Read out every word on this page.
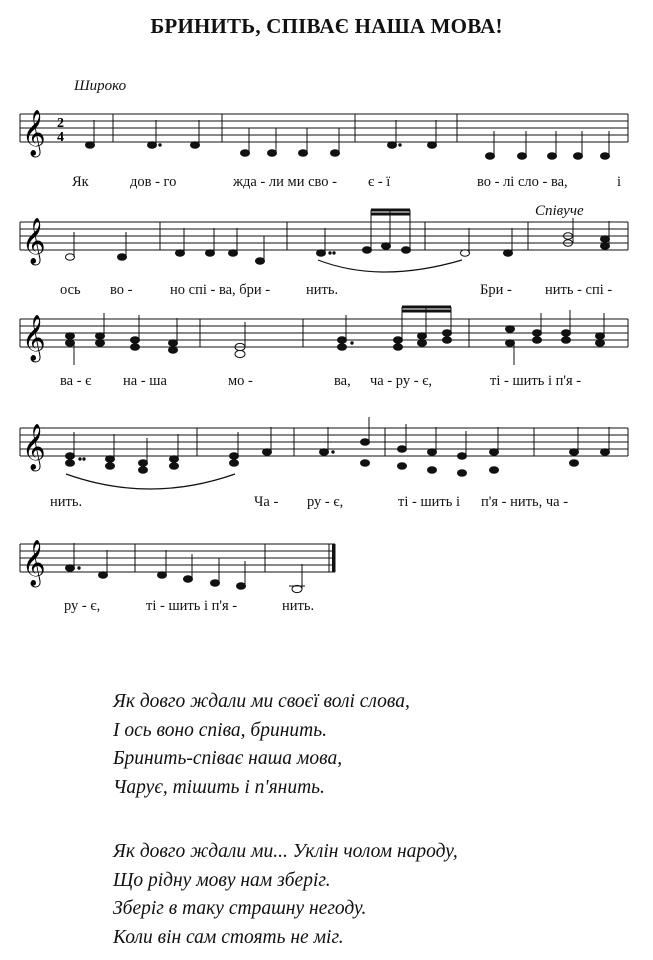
БРИНИТЬ, СПІВАЄ НАША МОВА!
Широко
Співуче
𝄞 2
4
Як	дов - го	жда - ли ми сво - є - ї	во - лі сло - ва,	і
𝄞
ось во -	но спі - ва, бри - нить.	Бри - нить - спі -
𝄞
ва - є на - ша	мо -	ва, ча - ру - є,	ті - шить і п'я -
𝄞
нить.	Ча - ру - є,	ті - шить і п'я - нить, ча -
𝄞
ру - є,	ті - шить і п'я -	нить.
Як довго ждали ми своєї волі слова,
І ось воно співа, бринить.
Бринить-співає наша мова,
Чарує, тішить і п'янить.
Як довго ждали ми... Уклін чолом народу,
Що рідну мову нам зберіг.
Зберіг в таку страшну негоду.
Коли він сам стоять не міг.
